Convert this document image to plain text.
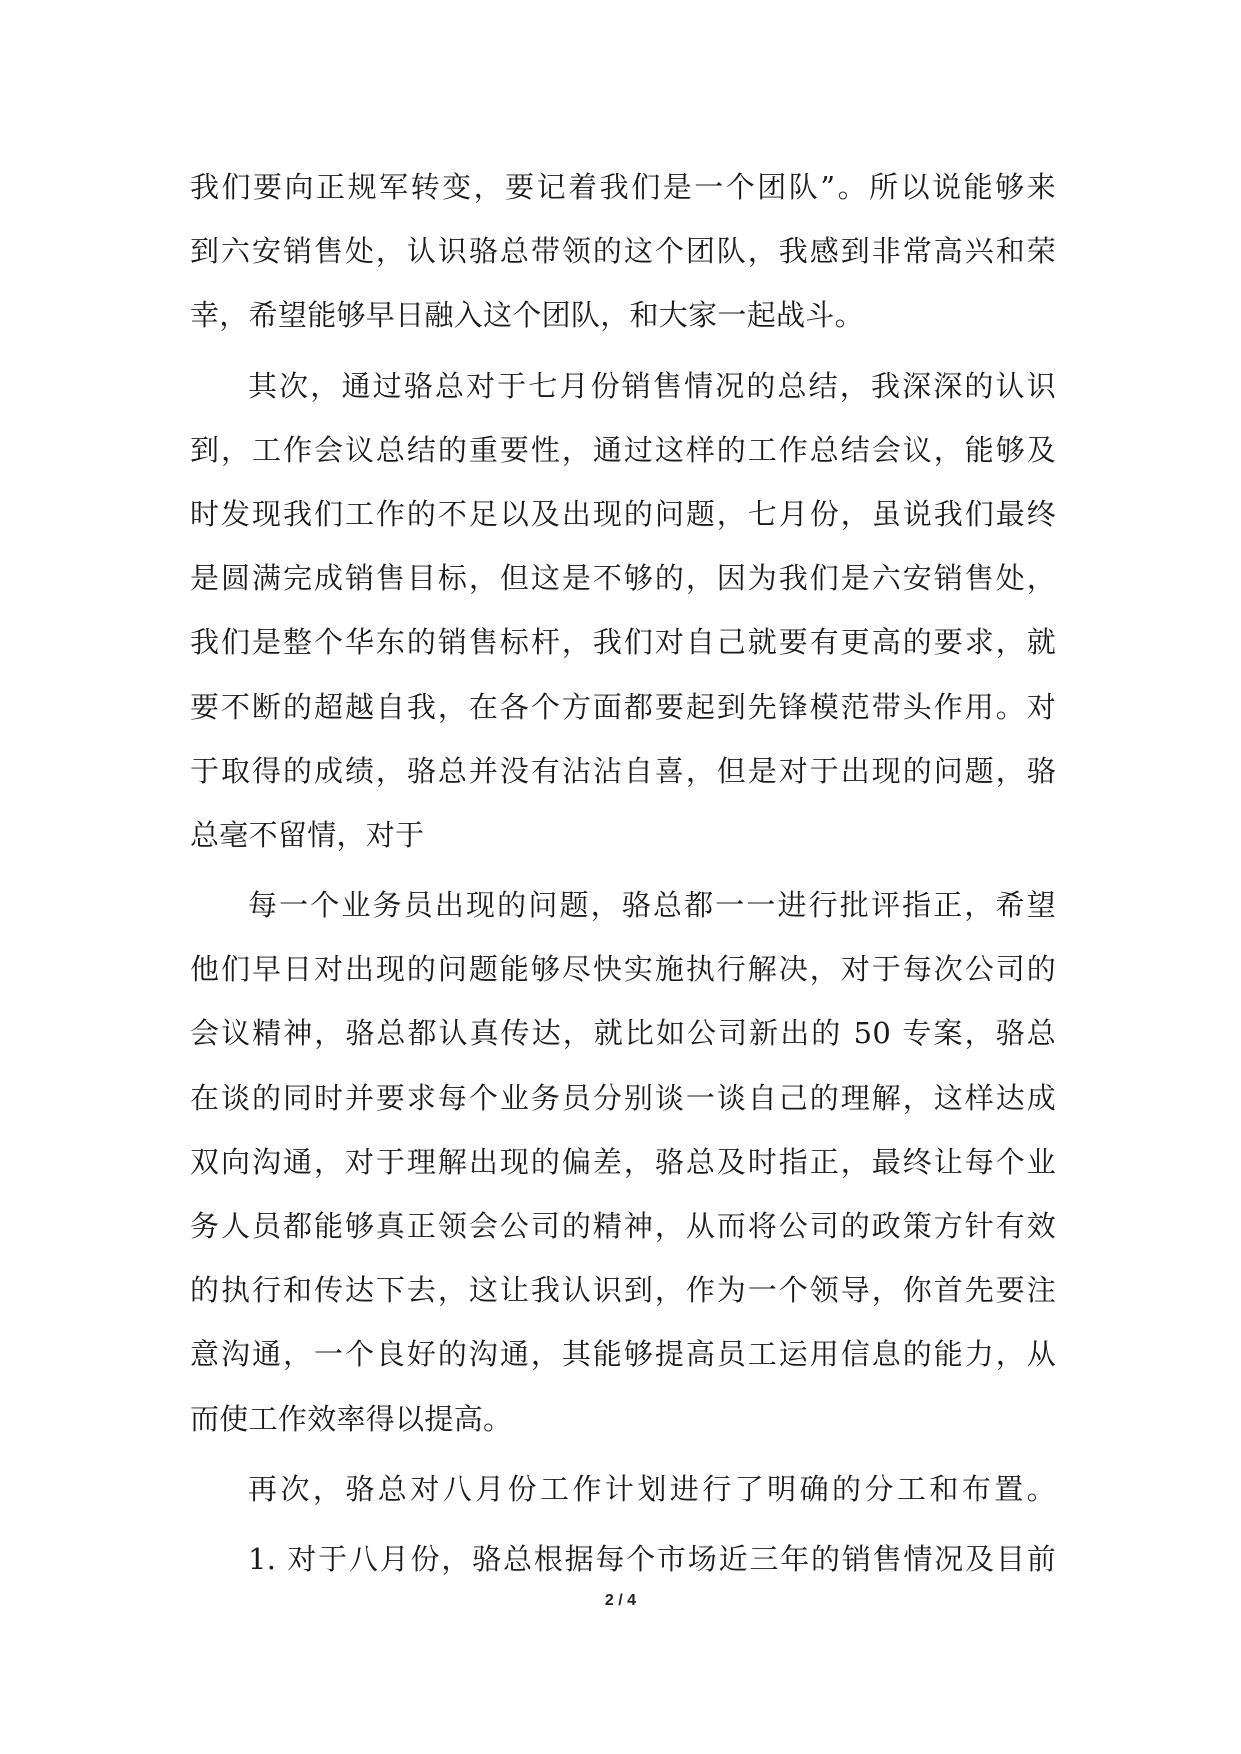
我们要向正规军转变，要记着我们是一个团队”。所以说能够来
到六安销售处，认识骆总带领的这个团队，我感到非常高兴和荣
幸，希望能够早日融入这个团队，和大家一起战斗。
其次，通过骆总对于七月份销售情况的总结，我深深的认识
到，工作会议总结的重要性，通过这样的工作总结会议，能够及
时发现我们工作的不足以及出现的问题，七月份，虽说我们最终
是圆满完成销售目标，但这是不够的，因为我们是六安销售处，
我们是整个华东的销售标杆，我们对自己就要有更高的要求，就
要不断的超越自我，在各个方面都要起到先锋模范带头作用。对
于取得的成绩，骆总并没有沾沾自喜，但是对于出现的问题，骆
总毫不留情，对于
每一个业务员出现的问题，骆总都一一进行批评指正，希望
他们早日对出现的问题能够尽快实施执行解决，对于每次公司的
会议精神，骆总都认真传达，就比如公司新出的 50 专案，骆总
在谈的同时并要求每个业务员分别谈一谈自己的理解，这样达成
双向沟通，对于理解出现的偏差，骆总及时指正，最终让每个业
务人员都能够真正领会公司的精神，从而将公司的政策方针有效
的执行和传达下去，这让我认识到，作为一个领导，你首先要注
意沟通，一个良好的沟通，其能够提高员工运用信息的能力，从
而使工作效率得以提高。
再次，骆总对八月份工作计划进行了明确的分工和布置。
1. 对于八月份，骆总根据每个市场近三年的销售情况及目前
2 / 4
